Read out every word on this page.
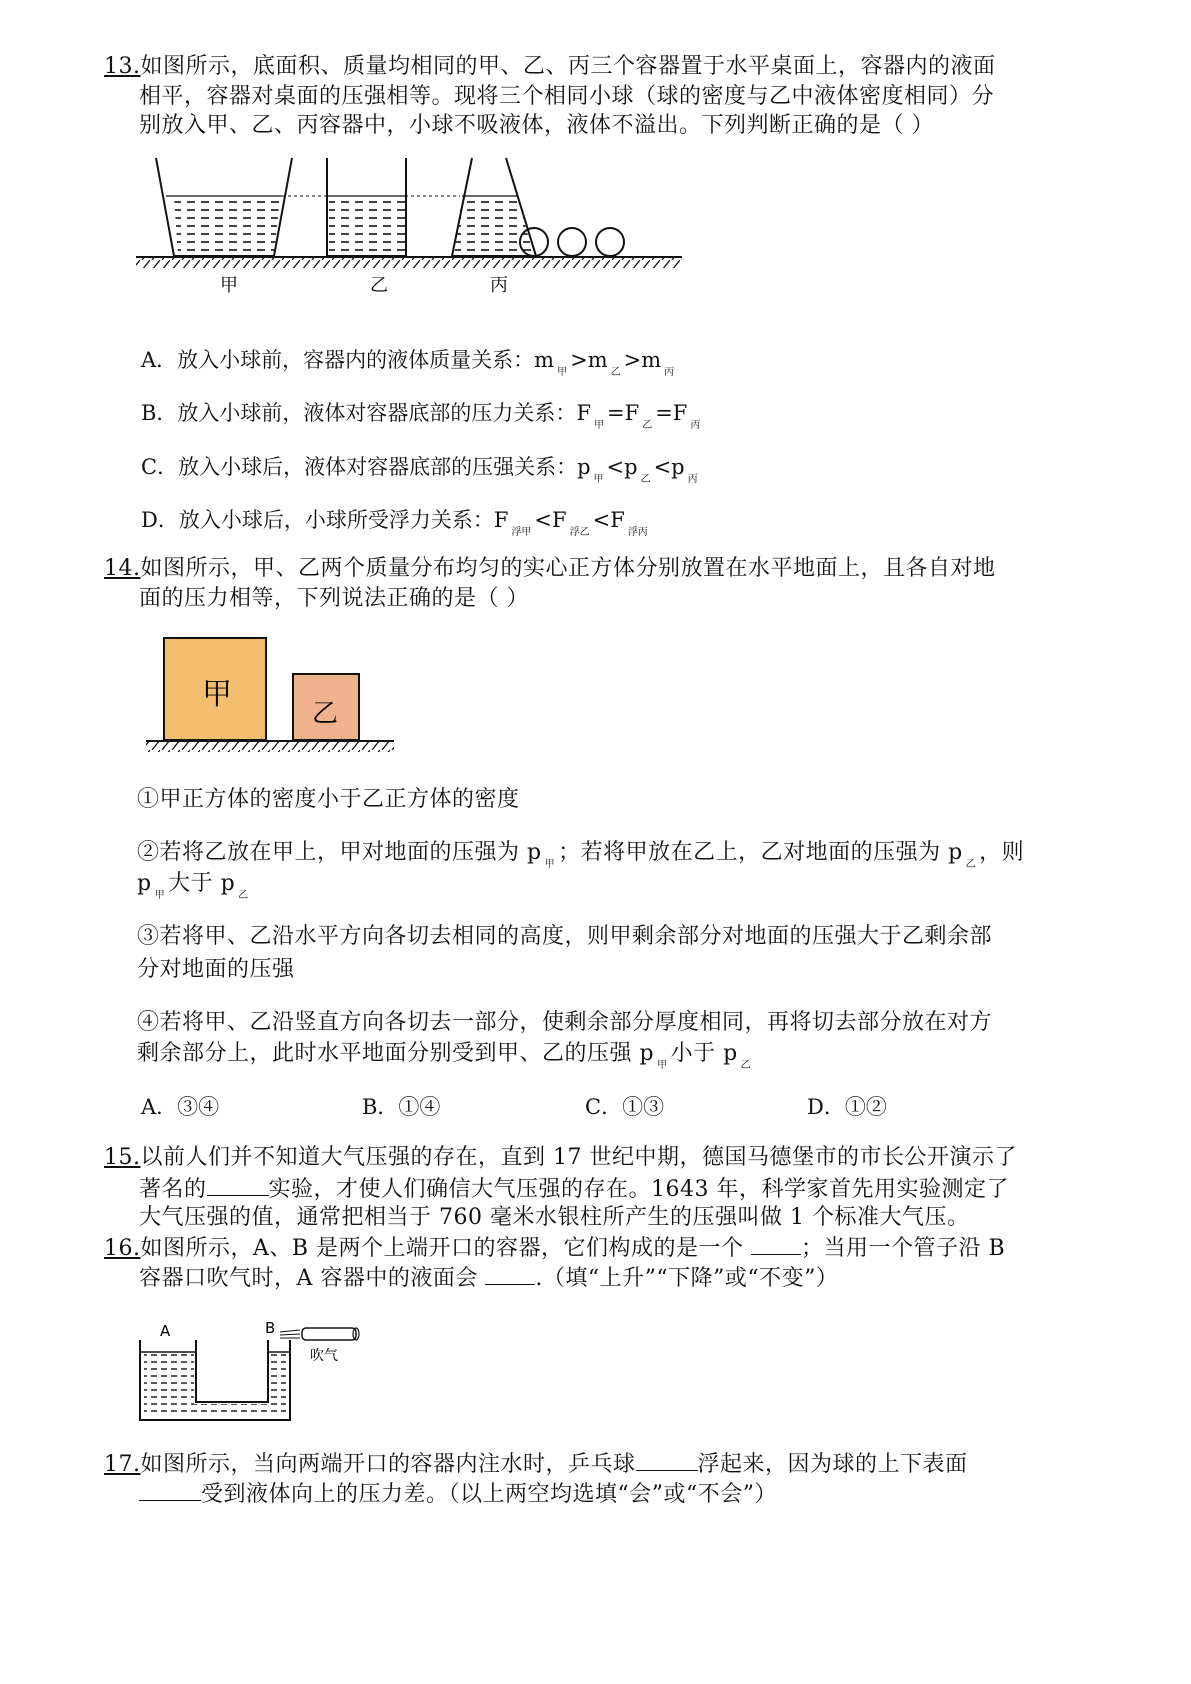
13.如图所示，底面积、质量均相同的甲、乙、丙三个容器置于水平桌面上，容器内的液面
相平，容器对桌面的压强相等。现将三个相同小球（球的密度与乙中液体密度相同）分
别放入甲、乙、丙容器中，小球不吸液体，液体不溢出。下列判断正确的是（ ）
甲	乙	丙
A．放入小球前，容器内的液体质量关系：$m_甲>m_乙>m_丙$
B．放入小球前，液体对容器底部的压力关系：$F_甲=F_乙=F_丙$
C．放入小球后，液体对容器底部的压强关系：$p_甲<p_乙<p_丙$
D．放入小球后，小球所受浮力关系：$F_{浮甲}<F_{浮乙}<F_{浮丙}$
14.如图所示，甲、乙两个质量分布均匀的实心正方体分别放置在水平地面上，且各自对地
面的压力相等，下列说法正确的是（ ）
甲
乙
①甲正方体的密度小于乙正方体的密度
②若将乙放在甲上，甲对地面的压强为 p $_甲$ ；若将甲放在乙上，乙对地面的压强为 p $_乙$ ，则
p $_甲$ 大于 p $_乙$
③若将甲、乙沿水平方向各切去相同的高度，则甲剩余部分对地面的压强大于乙剩余部
分对地面的压强
④若将甲、乙沿竖直方向各切去一部分，使剩余部分厚度相同，再将切去部分放在对方
剩余部分上，此时水平地面分别受到甲、乙的压强 p $_甲$ 小于 p $_乙$
A．③④	B．①④	C．①③	D．①②
15.以前人们并不知道大气压强的存在，直到 17 世纪中期，德国马德堡市的市长公开演示了
著名的	实验，才使人们确信大气压强的存在。1643 年，科学家首先用实验测定了
大气压强的值，通常把相当于 760 毫米水银柱所产生的压强叫做 1 个标准大气压。
16.如图所示，A、B 是两个上端开口的容器，它们构成的是一个 ；当用一个管子沿 B
容器口吹气时，A 容器中的液面会 .（填“上升”“下降”或“不变”）
A	B
吹气
17.如图所示，当向两端开口的容器内注水时，乒乓球	浮起来，因为球的上下表面
受到液体向上的压力差。（以上两空均选填“会”或“不会”）
